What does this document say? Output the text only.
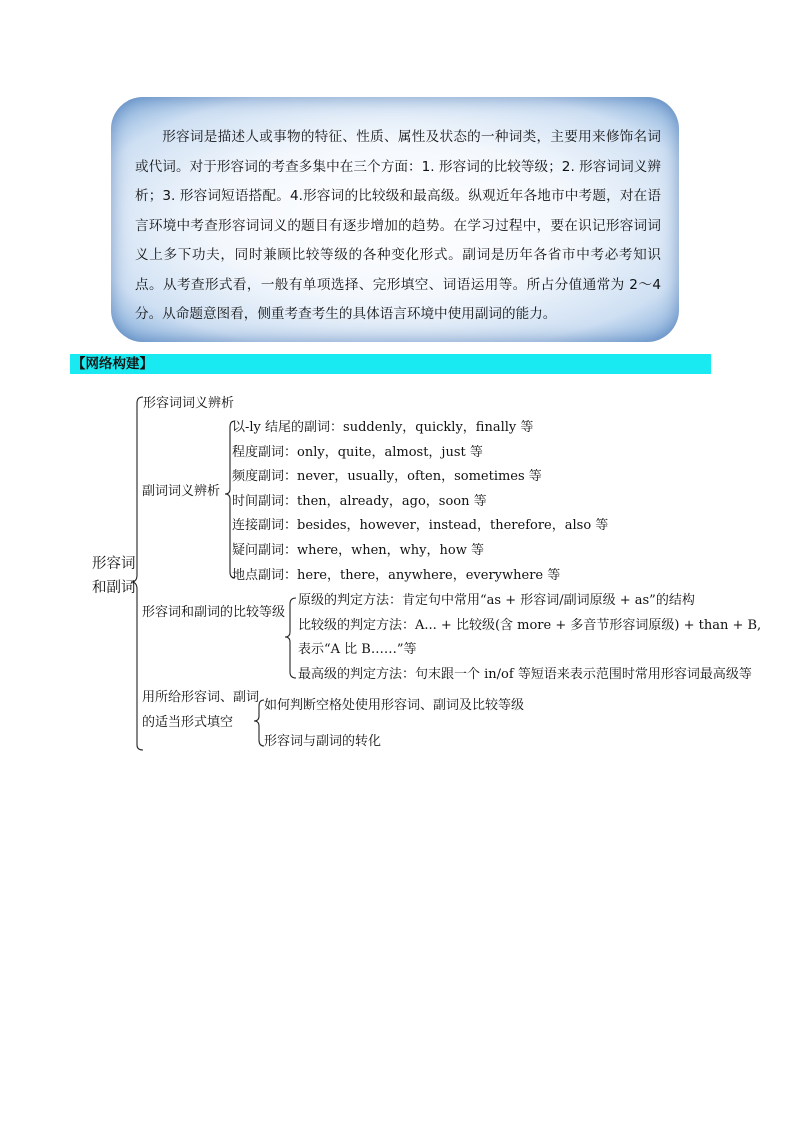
形容词是描述人或事物的特征、性质、属性及状态的一种词类，主要用来修饰名词或代词。对于形容词的考查多集中在三个方面：1. 形容词的比较等级；2. 形容词词义辨析；3. 形容词短语搭配。4.形容词的比较级和最高级。纵观近年各地市中考题，对在语言环境中考查形容词词义的题目有逐步增加的趋势。在学习过程中，要在识记形容词词义上多下功夫，同时兼顾比较等级的各种变化形式。副词是历年各省市中考必考知识点。从考查形式看，一般有单项选择、完形填空、词语运用等。所占分值通常为 2～4 分。从命题意图看，侧重考查考生的具体语言环境中使用副词的能力。

【网络构建】
形容词
和副词
形容词词义辨析
副词词义辨析
以-ly 结尾的副词：suddenly，quickly，finally 等
程度副词：only，quite，almost，just 等
频度副词：never，usually，often，sometimes 等
时间副词：then，already，ago，soon 等
连接副词：besides，however，instead，therefore，also 等
疑问副词：where，when，why，how 等
地点副词：here，there，anywhere，everywhere 等
形容词和副词的比较等级
原级的判定方法：肯定句中常用“as + 形容词/副词原级 + as”的结构
比较级的判定方法：A... + 比较级(含 more + 多音节形容词原级) + than + B,
表示“A 比 B……”等
最高级的判定方法：句末跟一个 in/of 等短语来表示范围时常用形容词最高级等
用所给形容词、副词
的适当形式填空
如何判断空格处使用形容词、副词及比较等级
形容词与副词的转化
